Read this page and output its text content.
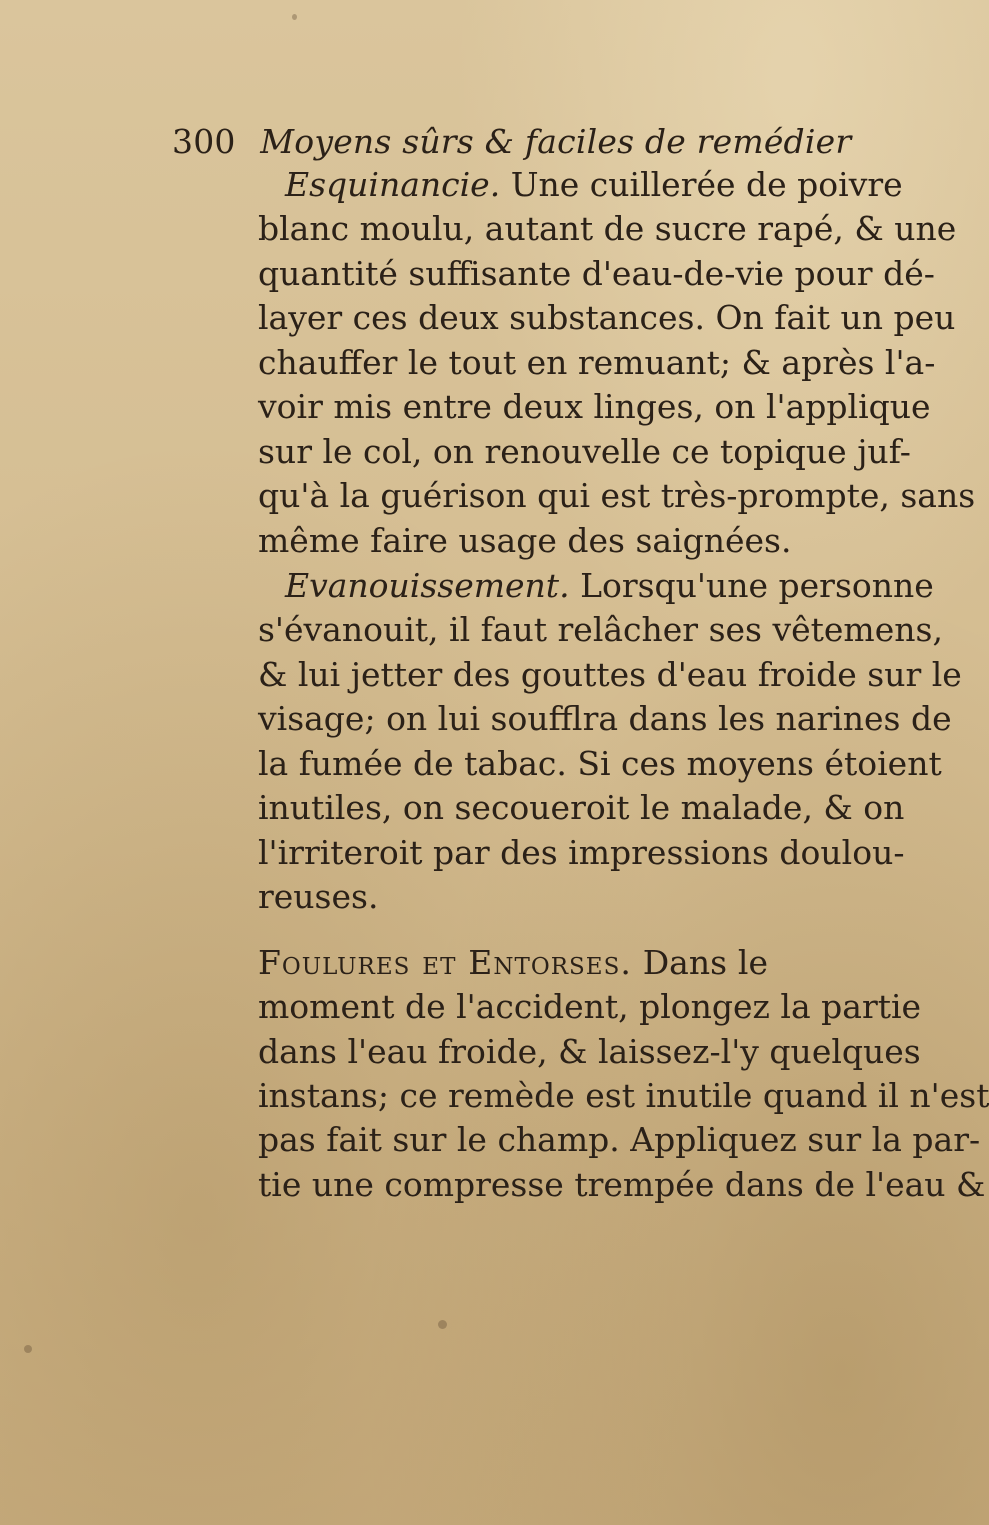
300 Moyens sûrs & faciles de remédier
Esquinancie. Une cuillerée de poivre
blanc moulu, autant de sucre rapé, & une
quantité suffisante d'eau-de-vie pour dé-
layer ces deux substances. On fait un peu
chauffer le tout en remuant; & après l'a-
voir mis entre deux linges, on l'applique
sur le col, on renouvelle ce topique juf-
qu'à la guérison qui est très-prompte, sans
même faire usage des saignées.
Evanouissement. Lorsqu'une personne
s'évanouit, il faut relâcher ses vêtemens,
& lui jetter des gouttes d'eau froide sur le
visage; on lui soufflra dans les narines de
la fumée de tabac. Si ces moyens étoient
inutiles, on secoueroit le malade, & on
l'irriteroit par des impressions doulou-
reuses.
Foulures et Entorses. Dans le
moment de l'accident, plongez la partie
dans l'eau froide, & laissez-l'y quelques
instans; ce remède est inutile quand il n'est
pas fait sur le champ. Appliquez sur la par-
tie une compresse trempée dans de l'eau &
